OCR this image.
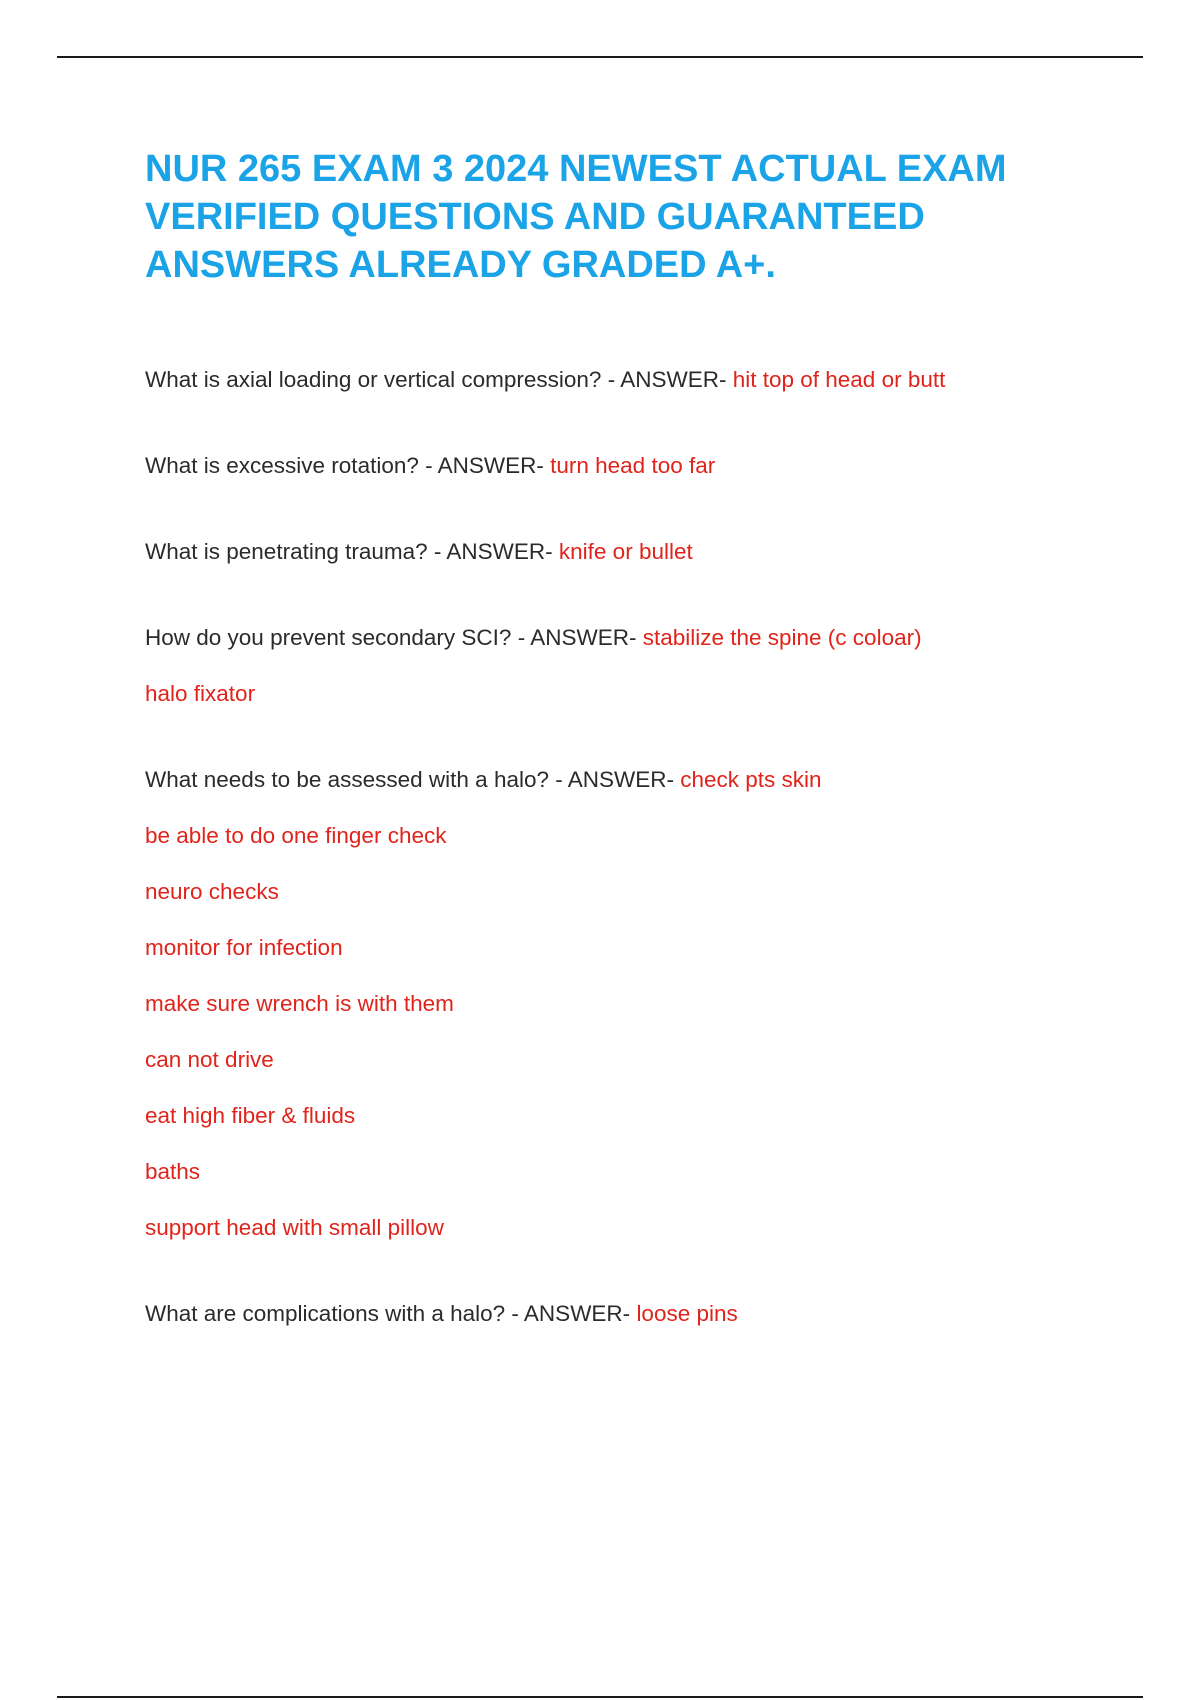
NUR 265 EXAM 3 2024 NEWEST ACTUAL EXAM
VERIFIED QUESTIONS AND GUARANTEED
ANSWERS ALREADY GRADED A+.
What is axial loading or vertical compression? - ANSWER- hit top of head or butt
What is excessive rotation? - ANSWER- turn head too far
What is penetrating trauma? - ANSWER- knife or bullet
How do you prevent secondary SCI? - ANSWER- stabilize the spine (c coloar)
halo fixator
What needs to be assessed with a halo? - ANSWER- check pts skin
be able to do one finger check
neuro checks
monitor for infection
make sure wrench is with them
can not drive
eat high fiber & fluids
baths
support head with small pillow
What are complications with a halo? - ANSWER- loose pins
